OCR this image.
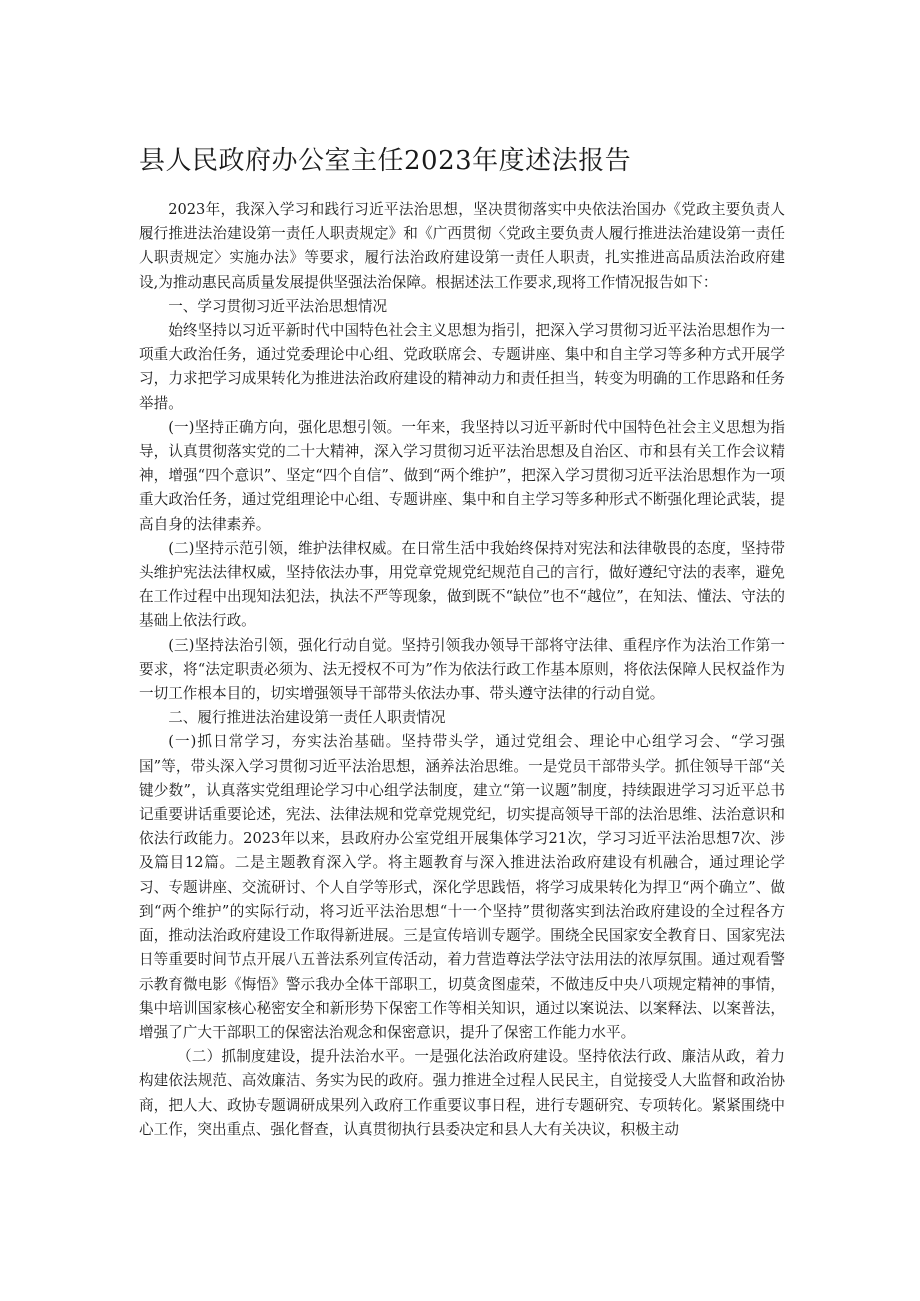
县人民政府办公室主任2023年度述法报告

2023年，我深入学习和践行习近平法治思想，坚决贯彻落实中央依法治国办《党政主要负责人履行推进法治建设第一责任人职责规定》和《广西贯彻〈党政主要负责人履行推进法治建设第一责任人职责规定〉实施办法》等要求，履行法治政府建设第一责任人职责，扎实推进高品质法治政府建设,为推动惠民高质量发展提供坚强法治保障。根据述法工作要求,现将工作情况报告如下：

一、学习贯彻习近平法治思想情况

始终坚持以习近平新时代中国特色社会主义思想为指引，把深入学习贯彻习近平法治思想作为一项重大政治任务，通过党委理论中心组、党政联席会、专题讲座、集中和自主学习等多种方式开展学习，力求把学习成果转化为推进法治政府建设的精神动力和责任担当，转变为明确的工作思路和任务举措。

(一)坚持正确方向，强化思想引领。一年来，我坚持以习近平新时代中国特色社会主义思想为指导，认真贯彻落实党的二十大精神，深入学习贯彻习近平法治思想及自治区、市和县有关工作会议精神，增强“四个意识”、坚定“四个自信”、做到“两个维护”，把深入学习贯彻习近平法治思想作为一项重大政治任务，通过党组理论中心组、专题讲座、集中和自主学习等多种形式不断强化理论武装，提高自身的法律素养。

(二)坚持示范引领，维护法律权威。在日常生活中我始终保持对宪法和法律敬畏的态度，坚持带头维护宪法法律权威，坚持依法办事，用党章党规党纪规范自己的言行，做好遵纪守法的表率，避免在工作过程中出现知法犯法，执法不严等现象，做到既不“缺位”也不“越位”，在知法、懂法、守法的基础上依法行政。

(三)坚持法治引领，强化行动自觉。坚持引领我办领导干部将守法律、重程序作为法治工作第一要求，将“法定职责必须为、法无授权不可为”作为依法行政工作基本原则，将依法保障人民权益作为一切工作根本目的，切实增强领导干部带头依法办事、带头遵守法律的行动自觉。

二、履行推进法治建设第一责任人职责情况

(一)抓日常学习，夯实法治基础。坚持带头学，通过党组会、理论中心组学习会、“学习强国”等，带头深入学习贯彻习近平法治思想，涵养法治思维。一是党员干部带头学。抓住领导干部“关键少数”，认真落实党组理论学习中心组学法制度，建立“第一议题”制度，持续跟进学习习近平总书记重要讲话重要论述，宪法、法律法规和党章党规党纪，切实提高领导干部的法治思维、法治意识和依法行政能力。2023年以来，县政府办公室党组开展集体学习21次，学习习近平法治思想7次、涉及篇目12篇。二是主题教育深入学。将主题教育与深入推进法治政府建设有机融合，通过理论学习、专题讲座、交流研讨、个人自学等形式，深化学思践悟，将学习成果转化为捍卫“两个确立”、做到“两个维护”的实际行动，将习近平法治思想“十一个坚持”贯彻落实到法治政府建设的全过程各方面，推动法治政府建设工作取得新进展。三是宣传培训专题学。围绕全民国家安全教育日、国家宪法日等重要时间节点开展八五普法系列宣传活动，着力营造尊法学法守法用法的浓厚氛围。通过观看警示教育微电影《悔悟》警示我办全体干部职工，切莫贪图虚荣，不做违反中央八项规定精神的事情，集中培训国家核心秘密安全和新形势下保密工作等相关知识，通过以案说法、以案释法、以案普法，增强了广大干部职工的保密法治观念和保密意识，提升了保密工作能力水平。

（二）抓制度建设，提升法治水平。一是强化法治政府建设。坚持依法行政、廉洁从政，着力构建依法规范、高效廉洁、务实为民的政府。强力推进全过程人民民主，自觉接受人大监督和政治协商，把人大、政协专题调研成果列入政府工作重要议事日程，进行专题研究、专项转化。紧紧围绕中心工作，突出重点、强化督查，认真贯彻执行县委决定和县人大有关决议，积极主动
